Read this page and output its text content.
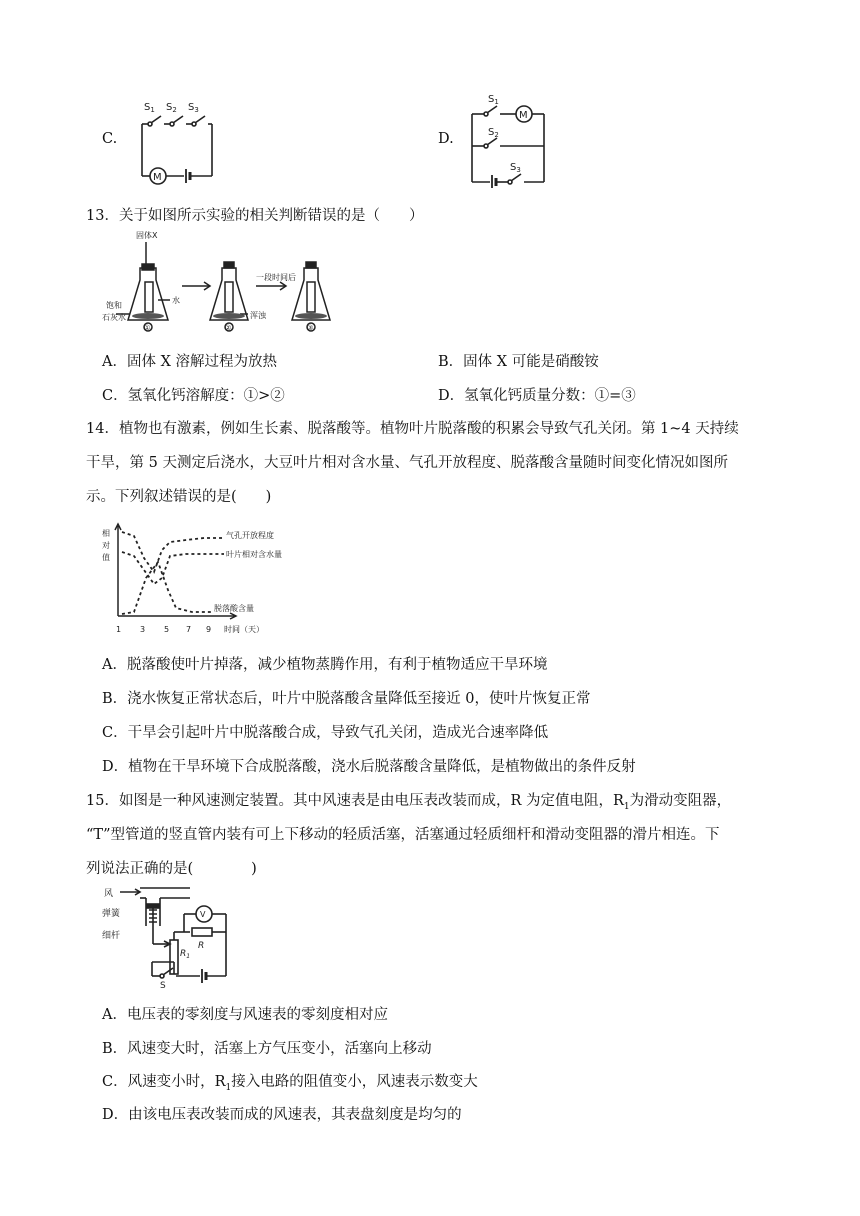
C.
M
$S_1$ $S_2$ $S_3$
D.
M
$S_1$
$S_2$
$S_3$
13．关于如图所示实验的相关判断错误的是（　　）
固体X
饱和
石灰水
水
浑浊
一段时间后
①	②	③
A．固体 X 溶解过程为放热	B．固体 X 可能是硝酸铵
C．氢氧化钙溶解度：①>②	D．氢氧化钙质量分数：①=③
14．植物也有激素，例如生长素、脱落酸等。植物叶片脱落酸的积累会导致气孔关闭。第 1~4 天持续
干旱，第 5 天测定后浇水，大豆叶片相对含水量、气孔开放程度、脱落酸含量随时间变化情况如图所
示。下列叙述错误的是(　　)
相
对
值
气孔开放程度
叶片相对含水量
脱落酸含量
1 3 5 7 9 时间（天）
A．脱落酸使叶片掉落，减少植物蒸腾作用，有利于植物适应干旱环境
B．浇水恢复正常状态后，叶片中脱落酸含量降低至接近 0，使叶片恢复正常
C．干旱会引起叶片中脱落酸合成，导致气孔关闭，造成光合速率降低
D．植物在干旱环境下合成脱落酸，浇水后脱落酸含量降低，是植物做出的条件反射
15．如图是一种风速测定装置。其中风速表是由电压表改装而成，R 为定值电阻，$R_1$为滑动变阻器，
“T”型管道的竖直管内装有可上下移动的轻质活塞，活塞通过轻质细杆和滑动变阻器的滑片相连。下
列说法正确的是(　　　　)
风
弹簧
细杆
V
R
$R_1$
S
A．电压表的零刻度与风速表的零刻度相对应
B．风速变大时，活塞上方气压变小，活塞向上移动
C．风速变小时，$R_1$接入电路的阻值变小，风速表示数变大
D．由该电压表改装而成的风速表，其表盘刻度是均匀的
